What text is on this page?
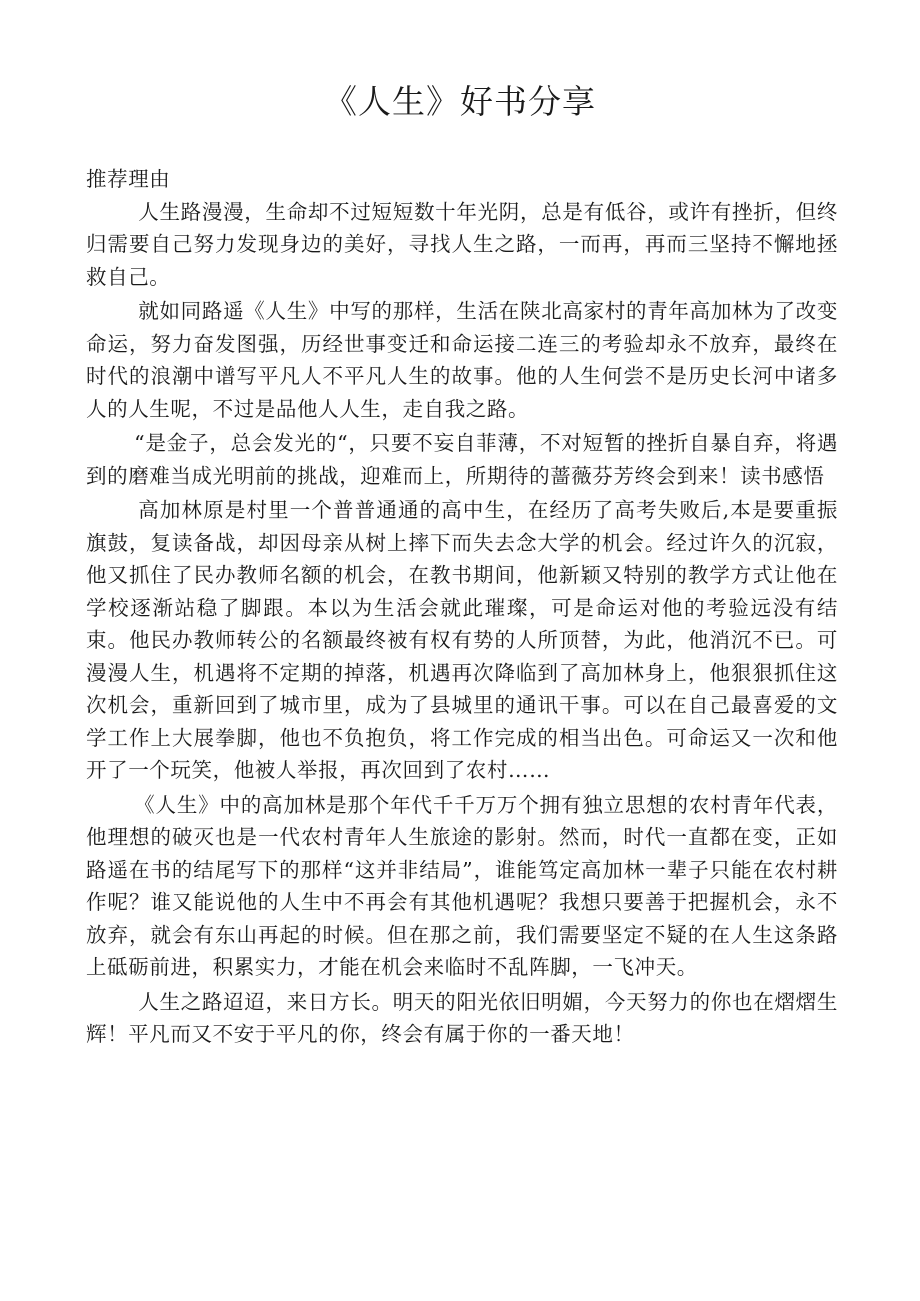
《人生》好书分享

推荐理由

人生路漫漫，生命却不过短短数十年光阴，总是有低谷，或许有挫折，但终归需要自己努力发现身边的美好，寻找人生之路，一而再，再而三坚持不懈地拯救自己。

就如同路遥《人生》中写的那样，生活在陕北高家村的青年高加林为了改变命运，努力奋发图强，历经世事变迁和命运接二连三的考验却永不放弃，最终在时代的浪潮中谱写平凡人不平凡人生的故事。他的人生何尝不是历史长河中诸多人的人生呢，不过是品他人人生，走自我之路。

“是金子，总会发光的“，只要不妄自菲薄，不对短暂的挫折自暴自弃，将遇到的磨难当成光明前的挑战，迎难而上，所期待的蔷薇芬芳终会到来！读书感悟

高加林原是村里一个普普通通的高中生，在经历了高考失败后,本是要重振旗鼓，复读备战，却因母亲从树上摔下而失去念大学的机会。经过许久的沉寂，他又抓住了民办教师名额的机会，在教书期间，他新颖又特别的教学方式让他在学校逐渐站稳了脚跟。本以为生活会就此璀璨，可是命运对他的考验远没有结束。他民办教师转公的名额最终被有权有势的人所顶替，为此，他消沉不已。可漫漫人生，机遇将不定期的掉落，机遇再次降临到了高加林身上，他狠狠抓住这次机会，重新回到了城市里，成为了县城里的通讯干事。可以在自己最喜爱的文学工作上大展拳脚，他也不负抱负，将工作完成的相当出色。可命运又一次和他开了一个玩笑，他被人举报，再次回到了农村……

《人生》中的高加林是那个年代千千万万个拥有独立思想的农村青年代表，他理想的破灭也是一代农村青年人生旅途的影射。然而，时代一直都在变，正如路遥在书的结尾写下的那样“这并非结局”，谁能笃定高加林一辈子只能在农村耕作呢？谁又能说他的人生中不再会有其他机遇呢？我想只要善于把握机会，永不放弃，就会有东山再起的时候。但在那之前，我们需要坚定不疑的在人生这条路上砥砺前进，积累实力，才能在机会来临时不乱阵脚，一飞冲天。

人生之路迢迢，来日方长。明天的阳光依旧明媚，今天努力的你也在熠熠生辉！平凡而又不安于平凡的你，终会有属于你的一番天地！
